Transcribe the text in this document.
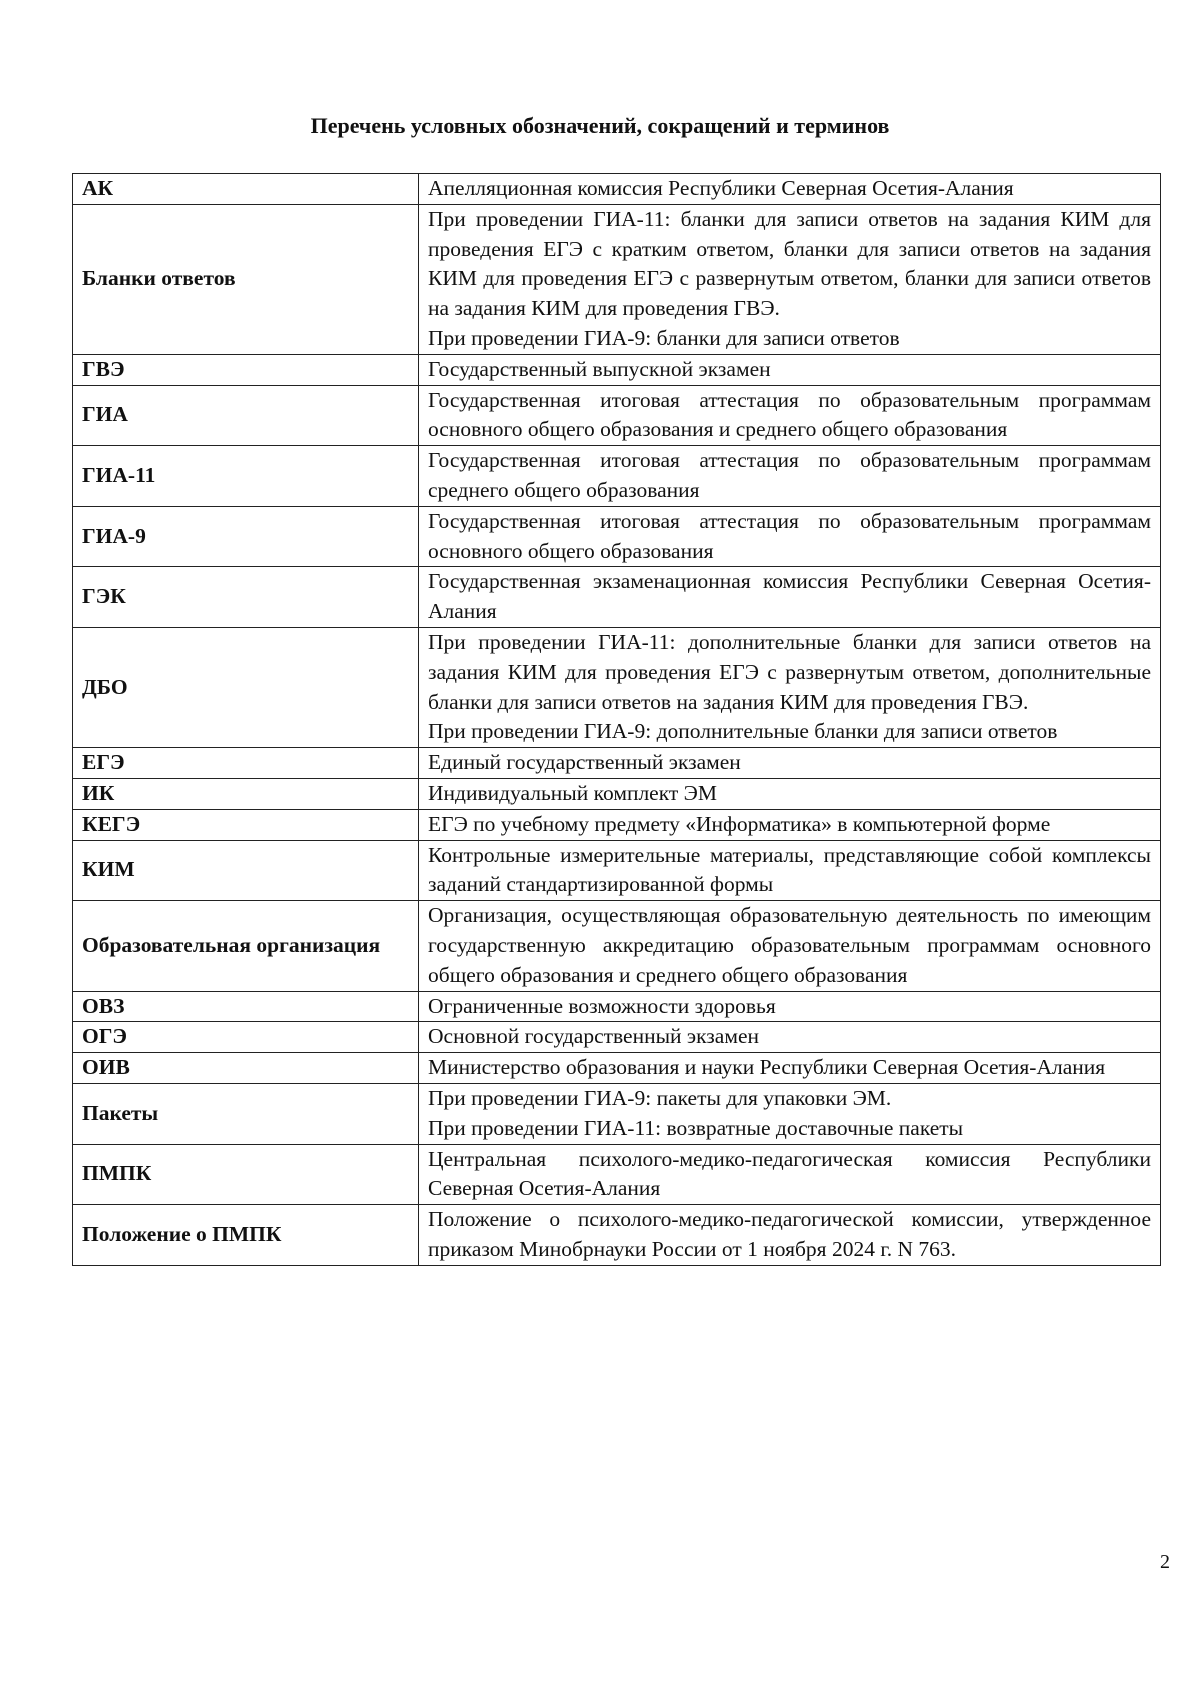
Перечень условных обозначений, сокращений и терминов
АК	Апелляционная комиссия Республики Северная Осетия-Алания

Бланки ответов	При проведении ГИА-11: бланки для записи ответов на задания КИМ для проведения ЕГЭ с кратким ответом, бланки для записи ответов на задания КИМ для проведения ЕГЭ с развернутым ответом, бланки для записи ответов на задания КИМ для проведения ГВЭ.
При проведении ГИА-9: бланки для записи ответов

ГВЭ	Государственный выпускной экзамен

ГИА	Государственная итоговая аттестация по образовательным программам основного общего образования и среднего общего образования

ГИА-11	Государственная итоговая аттестация по образовательным программам среднего общего образования

ГИА-9	Государственная итоговая аттестация по образовательным программам основного общего образования

ГЭК	Государственная экзаменационная комиссия Республики Северная Осетия-Алания

ДБО	При проведении ГИА-11: дополнительные бланки для записи ответов на задания КИМ для проведения ЕГЭ с развернутым ответом, дополнительные бланки для записи ответов на задания КИМ для проведения ГВЭ.
При проведении ГИА-9: дополнительные бланки для записи ответов

ЕГЭ	Единый государственный экзамен

ИК	Индивидуальный комплект ЭМ

КЕГЭ	ЕГЭ по учебному предмету «Информатика» в компьютерной форме

КИМ	Контрольные измерительные материалы, представляющие собой комплексы заданий стандартизированной формы

Образовательная организация	Организация, осуществляющая образовательную деятельность по имеющим государственную аккредитацию образовательным программам основного общего образования и среднего общего образования

ОВЗ	Ограниченные возможности здоровья

ОГЭ	Основной государственный экзамен

ОИВ	Министерство образования и науки Республики Северная Осетия-Алания

Пакеты	При проведении ГИА-9: пакеты для упаковки ЭМ.
При проведении ГИА-11: возвратные доставочные пакеты

ПМПК	Центральная психолого-медико-педагогическая комиссия Республики Северная Осетия-Алания

Положение о ПМПК	Положение о психолого-медико-педагогической комиссии, утвержденное приказом Минобрнауки России от 1 ноября 2024 г. N 763.
2
